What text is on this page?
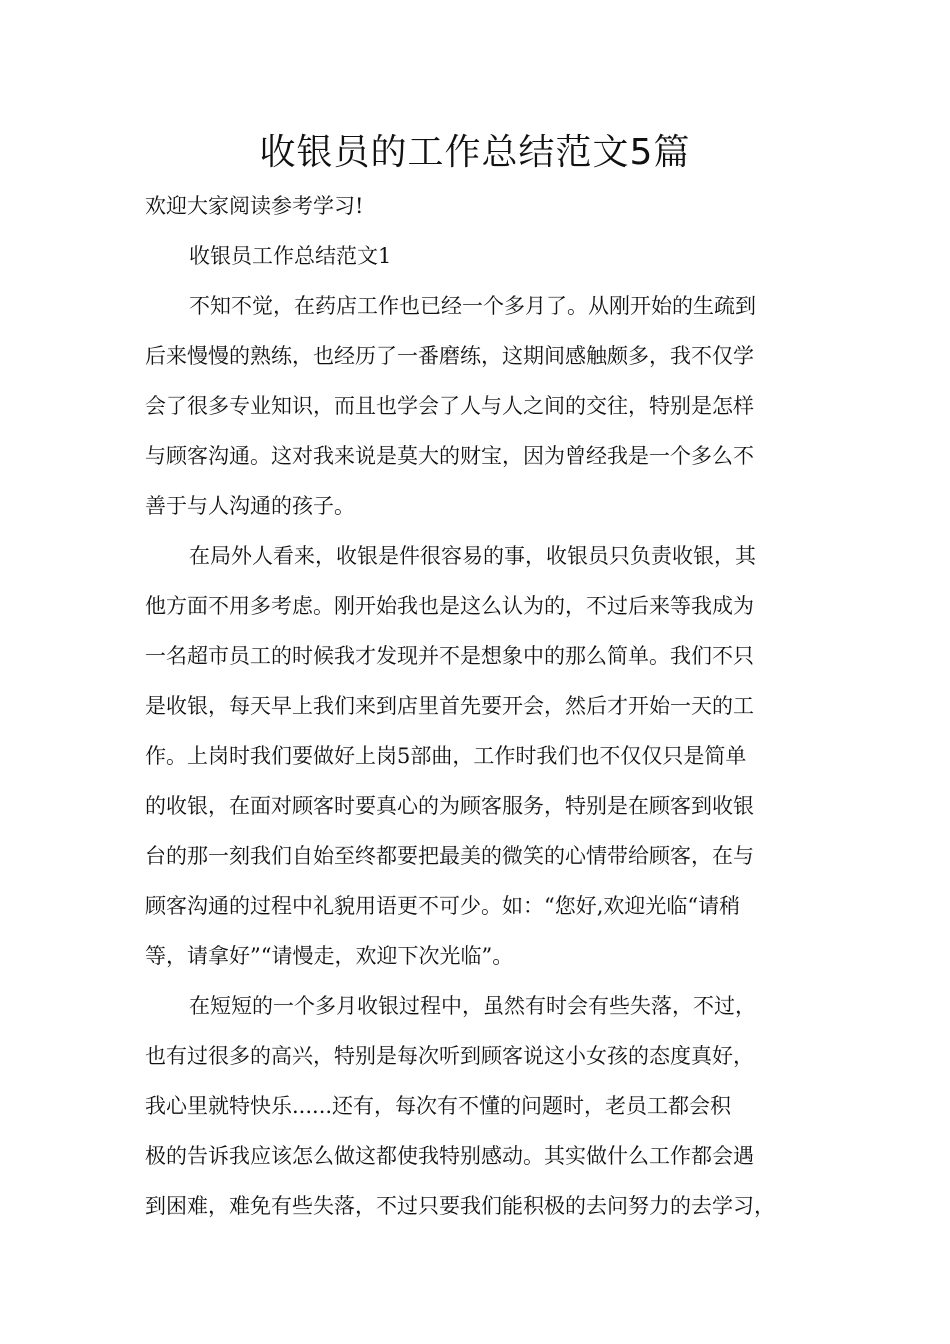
收银员的工作总结范文5篇

欢迎大家阅读参考学习!

收银员工作总结范文1

不知不觉，在药店工作也已经一个多月了。从刚开始的生疏到

后来慢慢的熟练，也经历了一番磨练，这期间感触颇多，我不仅学

会了很多专业知识，而且也学会了人与人之间的交往，特别是怎样

与顾客沟通。这对我来说是莫大的财宝，因为曾经我是一个多么不

善于与人沟通的孩子。

在局外人看来，收银是件很容易的事，收银员只负责收银，其

他方面不用多考虑。刚开始我也是这么认为的，不过后来等我成为

一名超市员工的时候我才发现并不是想象中的那么简单。我们不只

是收银，每天早上我们来到店里首先要开会，然后才开始一天的工

作。上岗时我们要做好上岗5部曲，工作时我们也不仅仅只是简单

的收银，在面对顾客时要真心的为顾客服务，特别是在顾客到收银

台的那一刻我们自始至终都要把最美的微笑的心情带给顾客，在与

顾客沟通的过程中礼貌用语更不可少。如：“您好,欢迎光临“请稍

等，请拿好”“请慢走，欢迎下次光临”。

在短短的一个多月收银过程中，虽然有时会有些失落，不过，

也有过很多的高兴，特别是每次听到顾客说这小女孩的态度真好，

我心里就特快乐......还有，每次有不懂的问题时，老员工都会积

极的告诉我应该怎么做这都使我特别感动。其实做什么工作都会遇

到困难，难免有些失落，不过只要我们能积极的去问努力的去学习，
